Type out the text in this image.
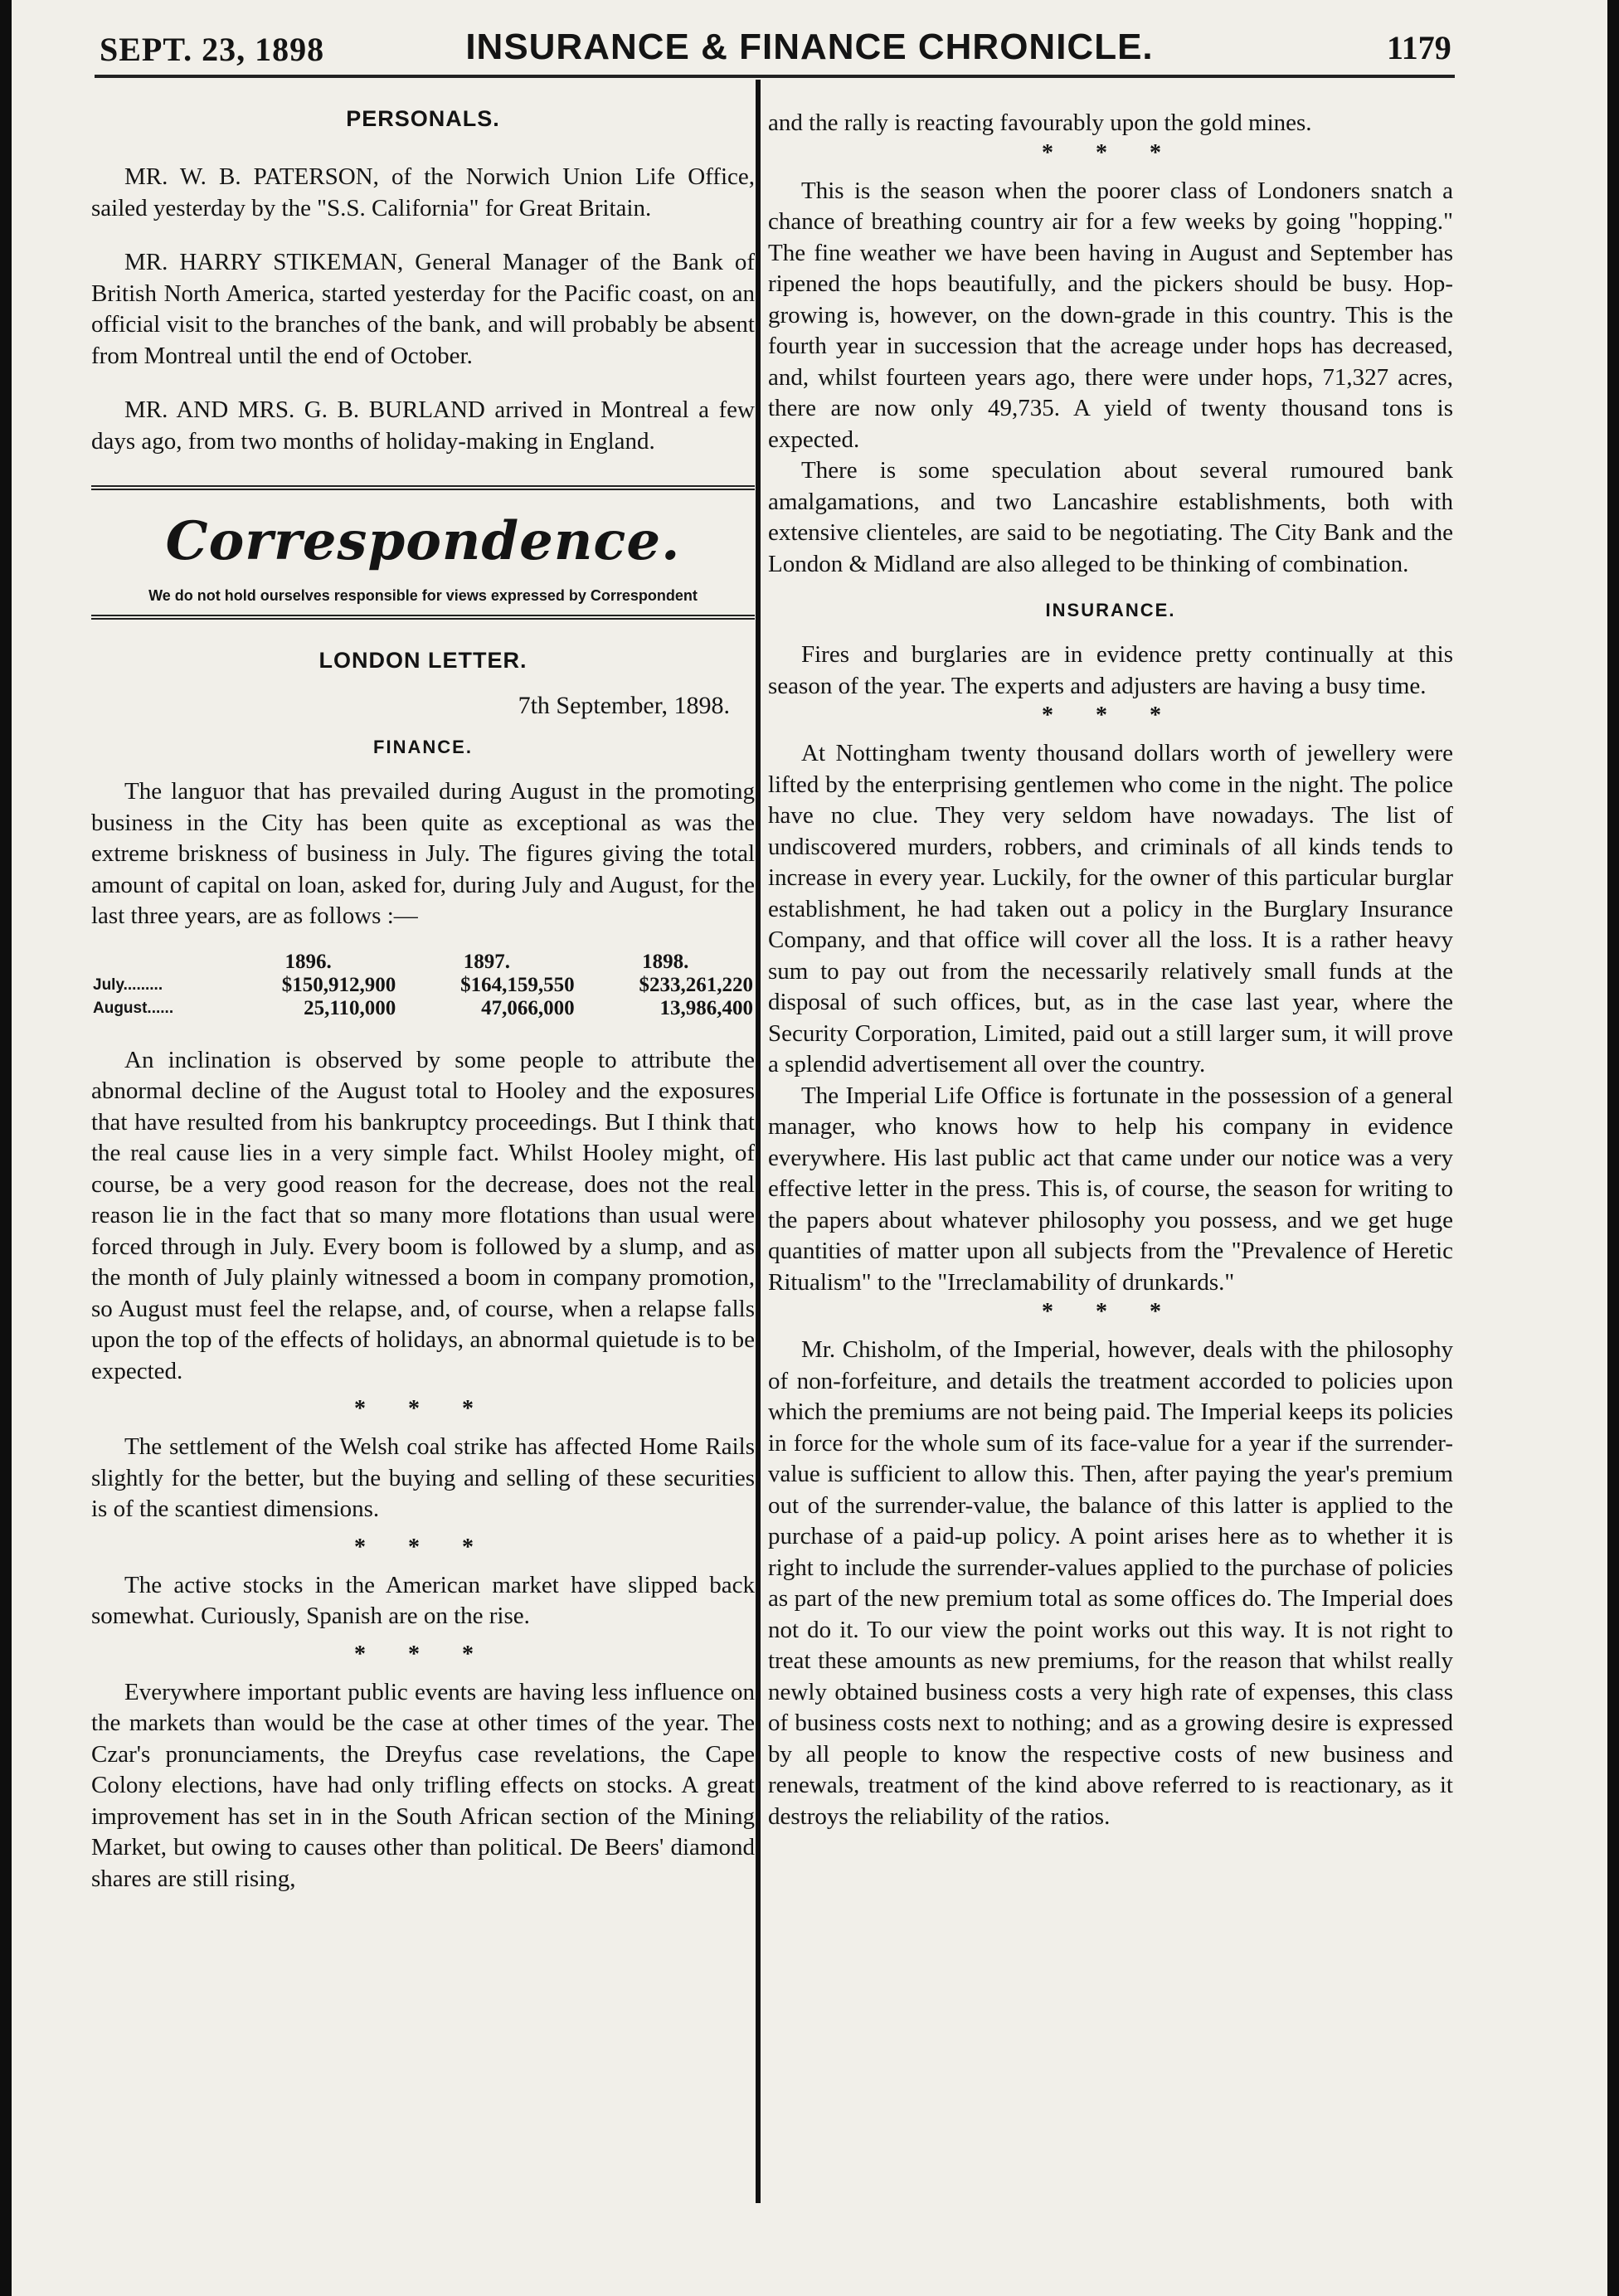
SEPT. 23, 1898	INSURANCE & FINANCE CHRONICLE.	1179
PERSONALS.

MR. W. B. PATERSON, of the Norwich Union Life Office, sailed yesterday by the "S.S. California" for Great Britain.

MR. HARRY STIKEMAN, General Manager of the Bank of British North America, started yesterday for the Pacific coast, on an official visit to the branches of the bank, and will probably be absent from Montreal until the end of October.

MR. AND MRS. G. B. BURLAND arrived in Montreal a few days ago, from two months of holiday-making in England.

Correspondence.

We do not hold ourselves responsible for views expressed by Correspondent

LONDON LETTER.

7th September, 1898.

FINANCE.

The languor that has prevailed during August in the promoting business in the City has been quite as exceptional as was the extreme briskness of business in July. The figures giving the total amount of capital on loan, asked for, during July and August, for the last three years, are as follows :—

	1896.	1897.	1898.
July.........	$150,912,900	$164,159,550	$233,261,220
August......	25,110,000	47,066,000	13,986,400

An inclination is observed by some people to attribute the abnormal decline of the August total to Hooley and the exposures that have resulted from his bankruptcy proceedings. But I think that the real cause lies in a very simple fact. Whilst Hooley might, of course, be a very good reason for the decrease, does not the real reason lie in the fact that so many more flotations than usual were forced through in July. Every boom is followed by a slump, and as the month of July plainly witnessed a boom in company promotion, so August must feel the relapse, and, of course, when a relapse falls upon the top of the effects of holidays, an abnormal quietude is to be expected.

* * *

The settlement of the Welsh coal strike has affected Home Rails slightly for the better, but the buying and selling of these securities is of the scantiest dimensions.

* * *

The active stocks in the American market have slipped back somewhat. Curiously, Spanish are on the rise.

* * *

Everywhere important public events are having less influence on the markets than would be the case at other times of the year. The Czar's pronunciaments, the Dreyfus case revelations, the Cape Colony elections, have had only trifling effects on stocks. A great improvement has set in in the South African section of the Mining Market, but owing to causes other than political. De Beers' diamond shares are still rising,

and the rally is reacting favourably upon the gold mines.

* * *

This is the season when the poorer class of Londoners snatch a chance of breathing country air for a few weeks by going "hopping." The fine weather we have been having in August and September has ripened the hops beautifully, and the pickers should be busy. Hop-growing is, however, on the down-grade in this country. This is the fourth year in succession that the acreage under hops has decreased, and, whilst fourteen years ago, there were under hops, 71,327 acres, there are now only 49,735. A yield of twenty thousand tons is expected.

There is some speculation about several rumoured bank amalgamations, and two Lancashire establishments, both with extensive clienteles, are said to be negotiating. The City Bank and the London & Midland are also alleged to be thinking of combination.

INSURANCE.

Fires and burglaries are in evidence pretty continually at this season of the year. The experts and adjusters are having a busy time.

* * *

At Nottingham twenty thousand dollars worth of jewellery were lifted by the enterprising gentlemen who come in the night. The police have no clue. They very seldom have nowadays. The list of undiscovered murders, robbers, and criminals of all kinds tends to increase in every year. Luckily, for the owner of this particular burglar establishment, he had taken out a policy in the Burglary Insurance Company, and that office will cover all the loss. It is a rather heavy sum to pay out from the necessarily relatively small funds at the disposal of such offices, but, as in the case last year, where the Security Corporation, Limited, paid out a still larger sum, it will prove a splendid advertisement all over the country.

The Imperial Life Office is fortunate in the possession of a general manager, who knows how to help his company in evidence everywhere. His last public act that came under our notice was a very effective letter in the press. This is, of course, the season for writing to the papers about whatever philosophy you possess, and we get huge quantities of matter upon all subjects from the "Prevalence of Heretic Ritualism" to the "Irreclamability of drunkards."

* * *

Mr. Chisholm, of the Imperial, however, deals with the philosophy of non-forfeiture, and details the treatment accorded to policies upon which the premiums are not being paid. The Imperial keeps its policies in force for the whole sum of its face-value for a year if the surrender-value is sufficient to allow this. Then, after paying the year's premium out of the surrender-value, the balance of this latter is applied to the purchase of a paid-up policy. A point arises here as to whether it is right to include the surrender-values applied to the purchase of policies as part of the new premium total as some offices do. The Imperial does not do it. To our view the point works out this way. It is not right to treat these amounts as new premiums, for the reason that whilst really newly obtained business costs a very high rate of expenses, this class of business costs next to nothing; and as a growing desire is expressed by all people to know the respective costs of new business and renewals, treatment of the kind above referred to is reactionary, as it destroys the reliability of the ratios.
